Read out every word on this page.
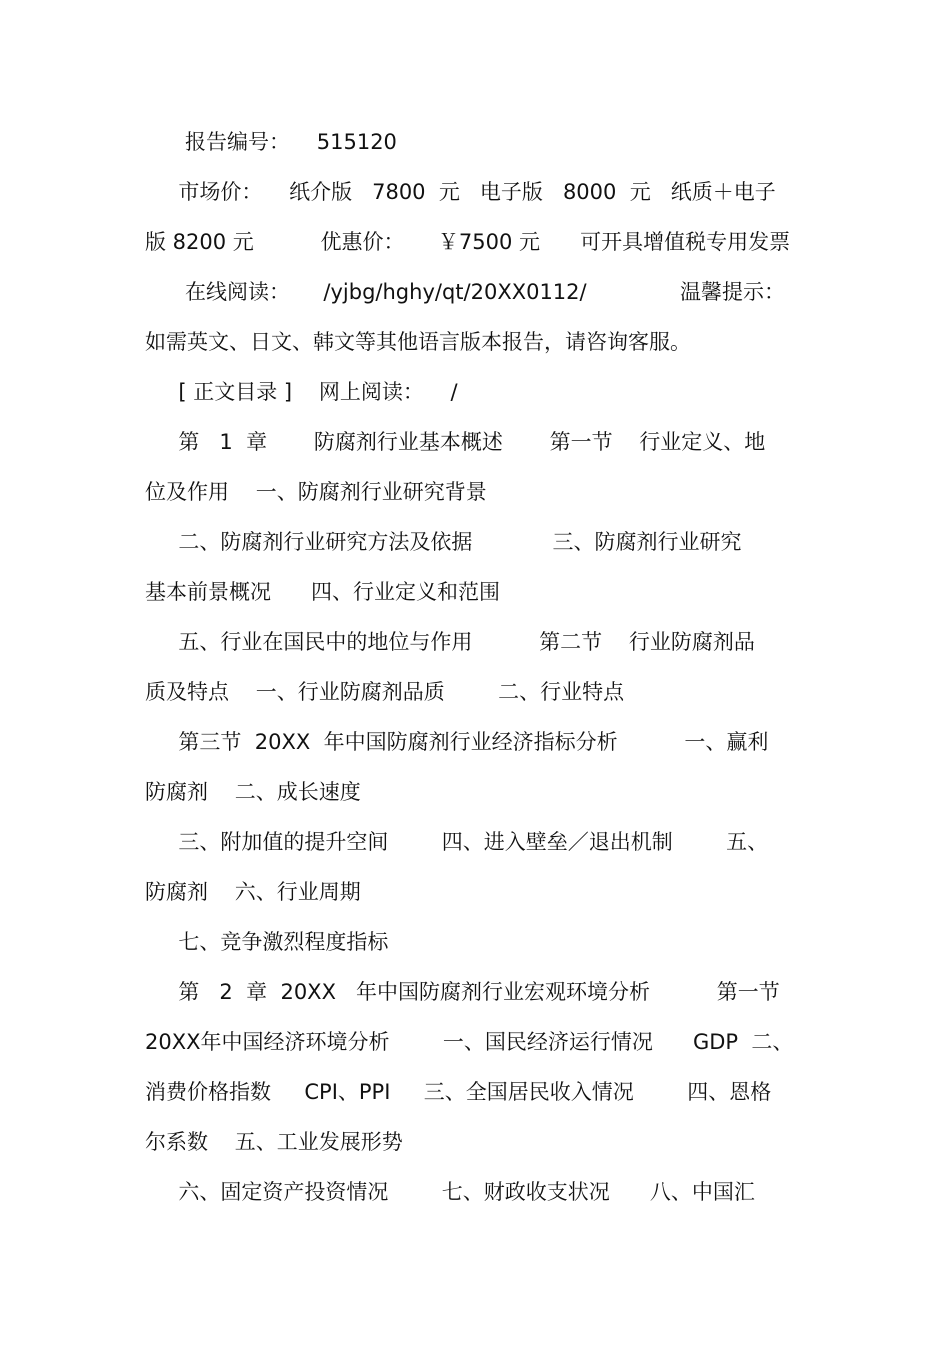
报告编号：    515120

市场价：    纸介版   7800  元   电子版   8000  元   纸质＋电子
版 8200 元          优惠价：     ￥7500 元      可开具增值税专用发票

在线阅读：     /yjbg/hghy/qt/20XX0112/              温馨提示：
如需英文、日文、韩文等其他语言版本报告，请咨询客服。

[ 正文目录 ]    网上阅读：    /

第   1  章       防腐剂行业基本概述       第一节    行业定义、地
位及作用    一、防腐剂行业研究背景

二、防腐剂行业研究方法及依据            三、防腐剂行业研究
基本前景概况      四、行业定义和范围

五、行业在国民中的地位与作用          第二节    行业防腐剂品
质及特点    一、行业防腐剂品质        二、行业特点

第三节  20XX  年中国防腐剂行业经济指标分析          一、赢利
防腐剂    二、成长速度

三、附加值的提升空间        四、进入壁垒／退出机制        五、
防腐剂    六、行业周期

七、竞争激烈程度指标

第   2  章  20XX   年中国防腐剂行业宏观环境分析          第一节
20XX年中国经济环境分析        一、国民经济运行情况      GDP  二、
消费价格指数     CPI、PPI     三、全国居民收入情况        四、恩格
尔系数    五、工业发展形势

六、固定资产投资情况        七、财政收支状况      八、中国汇
